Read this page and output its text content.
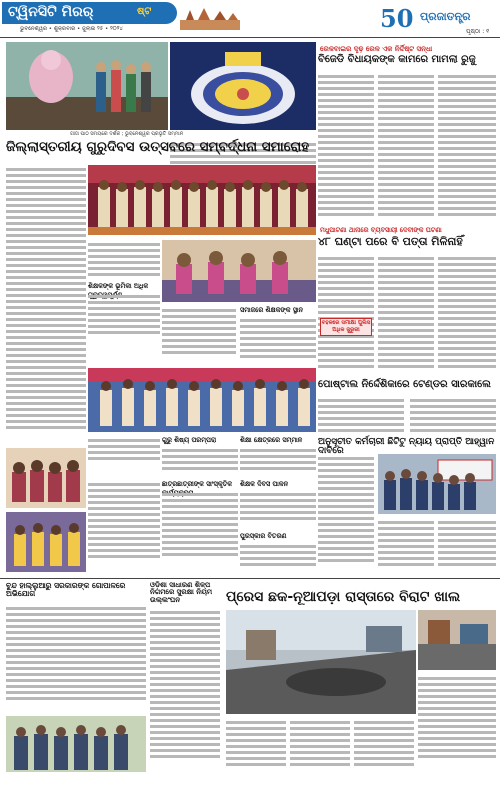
ଟ୍ୱିନସିଟି ମିରର୍	ଷ୍ଟ
ଭୁବନେଶ୍ୱର • ଶୁକ୍ରବାର • ଜୁଲାଇ ୨୫ • ୨୦୨୪	50 ପ୍ରଜାତନ୍ତ୍ର
ପୃଷ୍ଠା : ୧
ଗୀତା ପାଠ ସମୟରେ ଦର୍ଶକ ; ଭୁବନେଶ୍ୱର ପ୍ରଭୃତି ସମ୍ମାନ
ରେଳବାଇର ଦୃଢ଼ ରେଳ ଏକ ନିର୍ଦ୍ଦିଷ୍ଟ ସନ୍ଧା
ବିଜେଡି ବିଧାୟକଙ୍କ କାମରେ ମାମଲା ରୁଜୁ
ଜିଲ୍ଲାସ୍ତରୀୟ ଗୁରୁଦିବସ ଉତ୍ସବରେ ସମ୍ବର୍ଦ୍ଧନା ସମାରୋହ
ଶିକ୍ଷକଙ୍କ ଭୂମିକା ଅଧିକ
ସମାଜରେ ଶିକ୍ଷକଙ୍କ ସ୍ଥାନ
ଗୁରୁ ଶିଷ୍ୟ ପରମ୍ପରା	ଶିକ୍ଷା କ୍ଷେତ୍ରରେ ସମ୍ମାନ
ଛାତ୍ରଛାତ୍ରୀଙ୍କ ସାଂସ୍କୃତିକ	ଶିକ୍ଷକ ଦିବସ ପାଳନ
ପୁରସ୍କାର ବିତରଣ
ମଧୁପାଟଣା ଥାନାରେ ବ୍ୟବସାୟୀ ଦେବୀଙ୍କ ଘଟଣା
୪୮ ଘଣ୍ଟା ପରେ ବି ପତ୍ତା ମିଳିନାହିଁ
ବହଳରେ ସମୀକ୍ଷା ପୁଲିସ ଅଧିକ ଜୁରୁରୀ
ପୋଷ୍ଟାଲ ନିର୍ଦ୍ଦେଶିକାରେ ଟେଣ୍ଡର ସାରକାଲେ
ଅନୁସୂଚୀତ କର୍ମଚାରୀ ଛିଟିଟୁ ନ୍ୟାୟ ପ୍ରାପ୍ତି ଆହ୍ୱାନ ଦାବିରେ
ବୁନ୍ଦ ହାଲ୍ଲୁଆରୁ ସରକାରଙ୍କ ଗୋପାଳରେ ଅଭିଯୋଗ
ଓଡ଼ିଶା ସାଧାରଣ ଶିଳ୍ପ ନିଗମରେ ସୁରକ୍ଷା ନିୟମ ଉଲ୍ଲଂଘନ	ପ୍ରେସ ଛକ-ନୂଆପଡ଼ା ରାସ୍ତାରେ ବିରାଟ ଖାଲ
